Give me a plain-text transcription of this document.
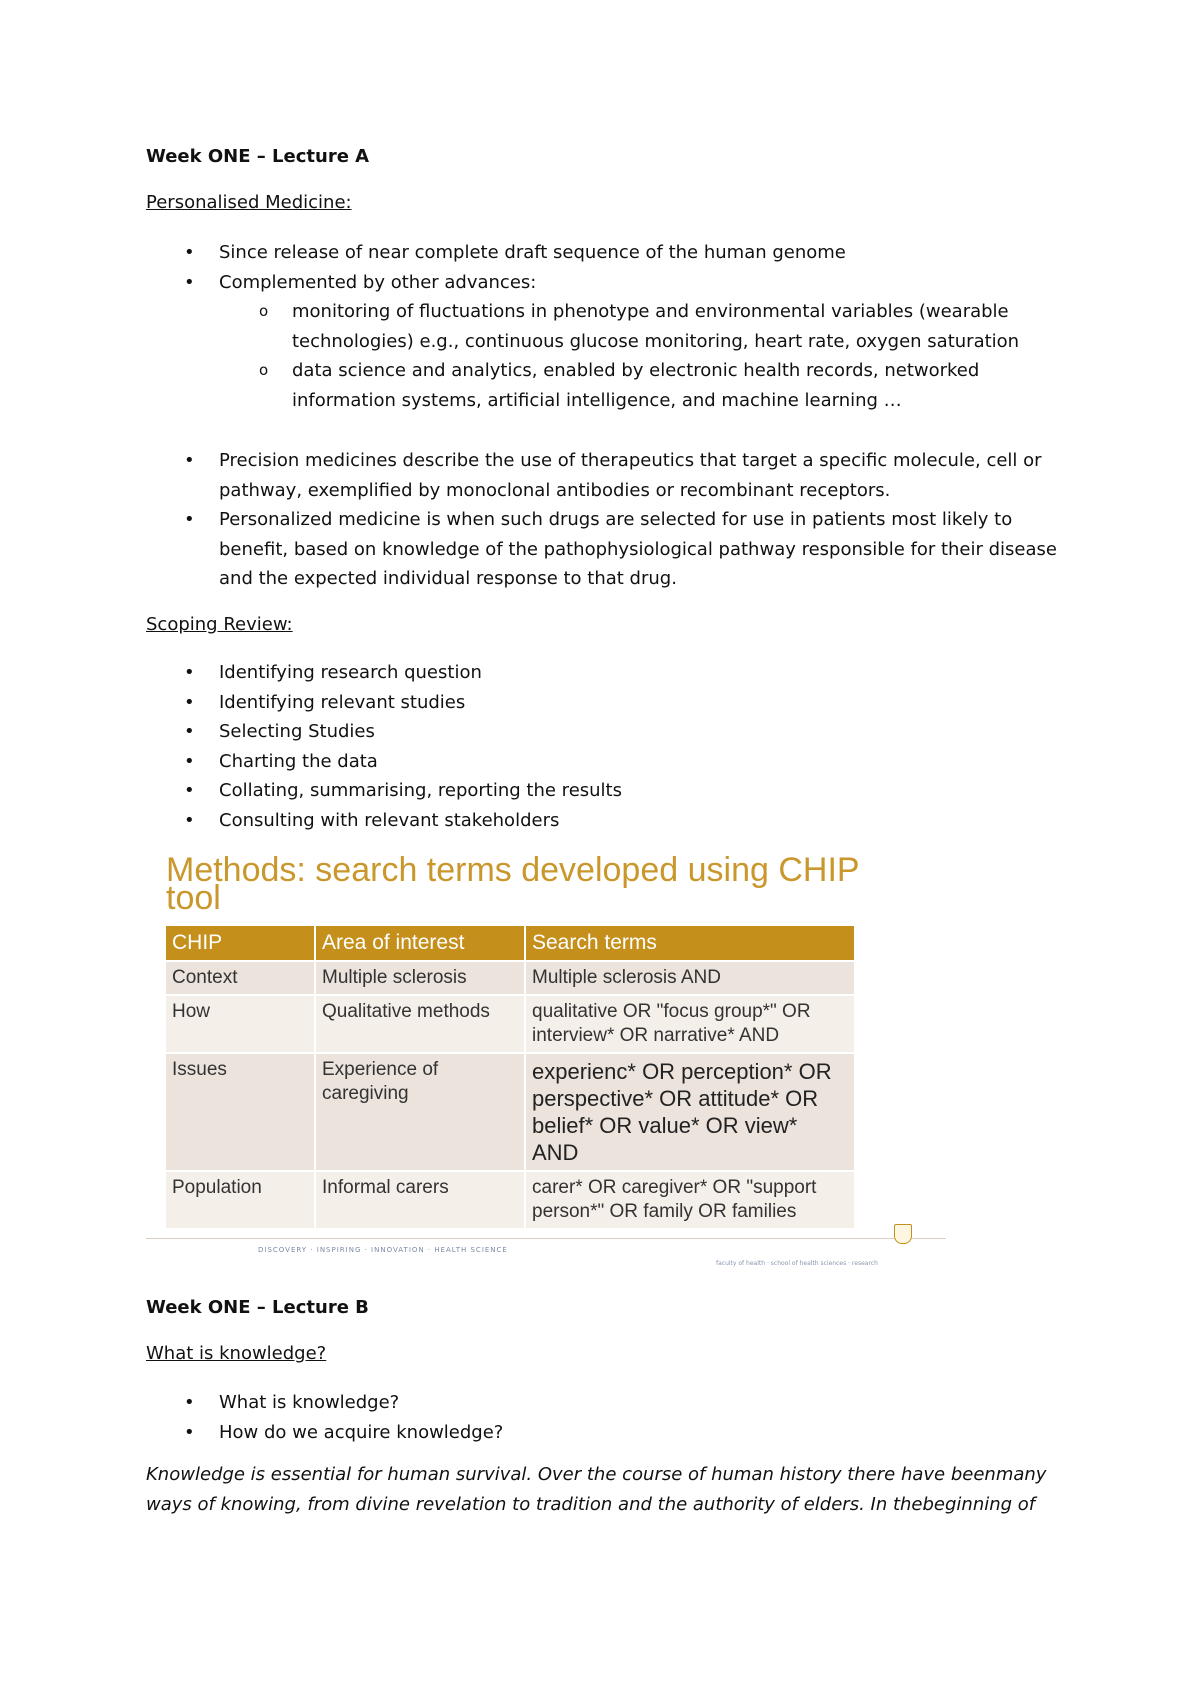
Week ONE – Lecture A
Personalised Medicine:
• Since release of near complete draft sequence of the human genome
• Complemented by other advances:
o monitoring of fluctuations in phenotype and environmental variables (wearable technologies) e.g., continuous glucose monitoring, heart rate, oxygen saturation
o data science and analytics, enabled by electronic health records, networked information systems, artificial intelligence, and machine learning …
• Precision medicines describe the use of therapeutics that target a specific molecule, cell or pathway, exemplified by monoclonal antibodies or recombinant receptors.
• Personalized medicine is when such drugs are selected for use in patients most likely to benefit, based on knowledge of the pathophysiological pathway responsible for their disease and the expected individual response to that drug.
Scoping Review:
• Identifying research question
• Identifying relevant studies
• Selecting Studies
• Charting the data
• Collating, summarising, reporting the results
• Consulting with relevant stakeholders
Methods: search terms developed using CHIP tool
CHIP	Area of interest	Search terms
Context	Multiple sclerosis	Multiple sclerosis AND
How	Qualitative methods	qualitative OR "focus group*" OR interview* OR narrative* AND
Issues	Experience of caregiving	experienc* OR perception* OR perspective* OR attitude* OR belief* OR value* OR view* AND
Population	Informal carers	carer* OR caregiver* OR "support person*" OR family OR families
DISCOVERY · INSPIRING · INNOVATION · HEALTH SCIENCE
faculty of health · school of health sciences · research
Week ONE – Lecture B
What is knowledge?
• What is knowledge?
• How do we acquire knowledge?
Knowledge is essential for human survival. Over the course of human history there have beenmany ways of knowing, from divine revelation to tradition and the authority of elders. In thebeginning of
